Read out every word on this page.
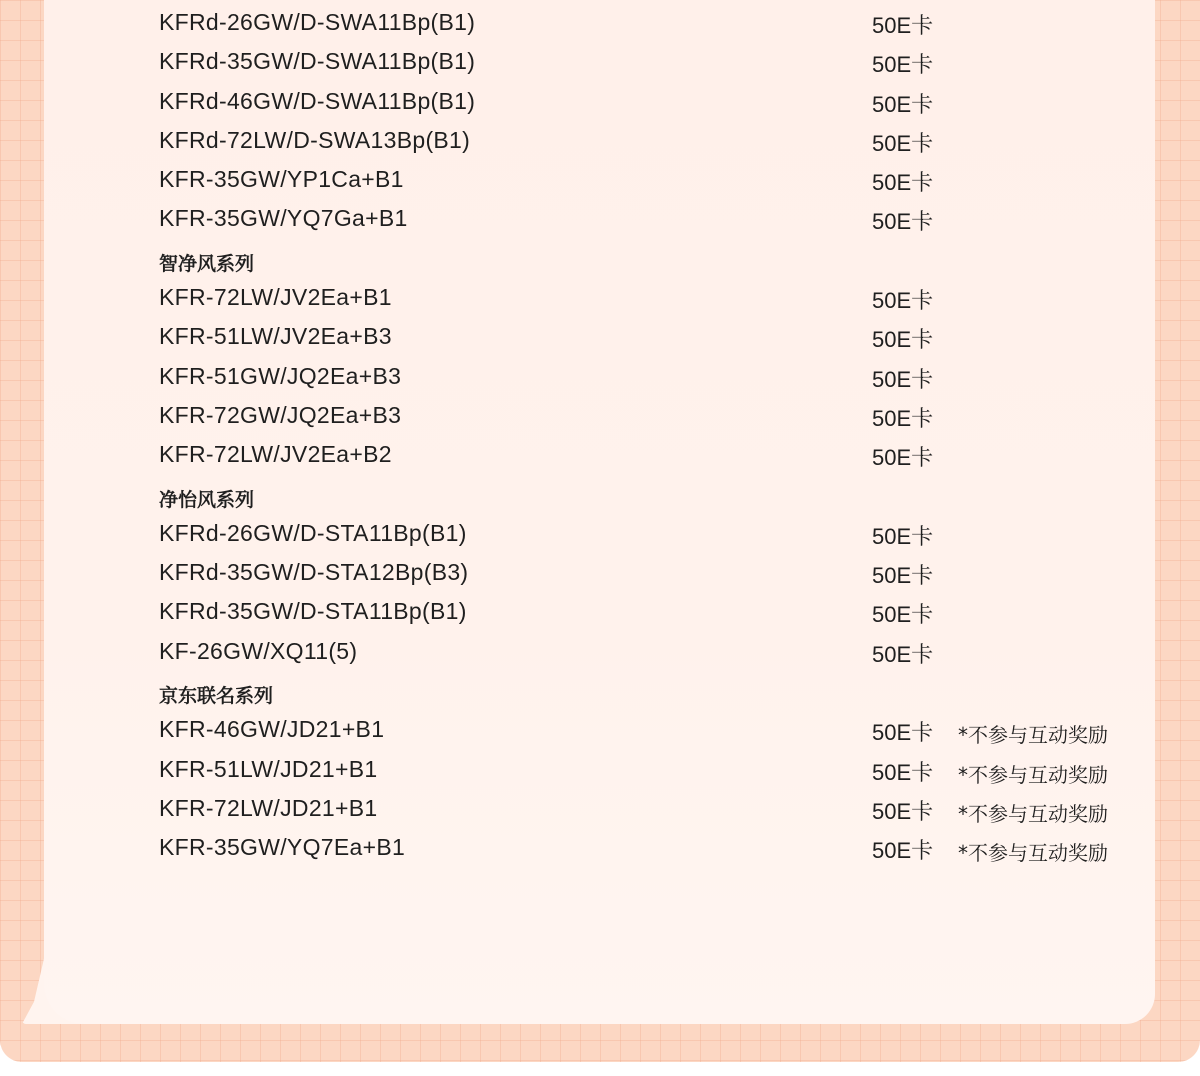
KFRd-26GW/D-SWA11Bp(B1)	50E卡
KFRd-35GW/D-SWA11Bp(B1)	50E卡
KFRd-46GW/D-SWA11Bp(B1)	50E卡
KFRd-72LW/D-SWA13Bp(B1)	50E卡
KFR-35GW/YP1Ca+B1	50E卡
KFR-35GW/YQ7Ga+B1	50E卡
智净风系列
KFR-72LW/JV2Ea+B1	50E卡
KFR-51LW/JV2Ea+B3	50E卡
KFR-51GW/JQ2Ea+B3	50E卡
KFR-72GW/JQ2Ea+B3	50E卡
KFR-72LW/JV2Ea+B2	50E卡
净怡风系列
KFRd-26GW/D-STA11Bp(B1)	50E卡
KFRd-35GW/D-STA12Bp(B3)	50E卡
KFRd-35GW/D-STA11Bp(B1)	50E卡
KF-26GW/XQ11(5)	50E卡
京东联名系列
KFR-46GW/JD21+B1	50E卡 *不参与互动奖励
KFR-51LW/JD21+B1	50E卡 *不参与互动奖励
KFR-72LW/JD21+B1	50E卡 *不参与互动奖励
KFR-35GW/YQ7Ea+B1	50E卡 *不参与互动奖励
